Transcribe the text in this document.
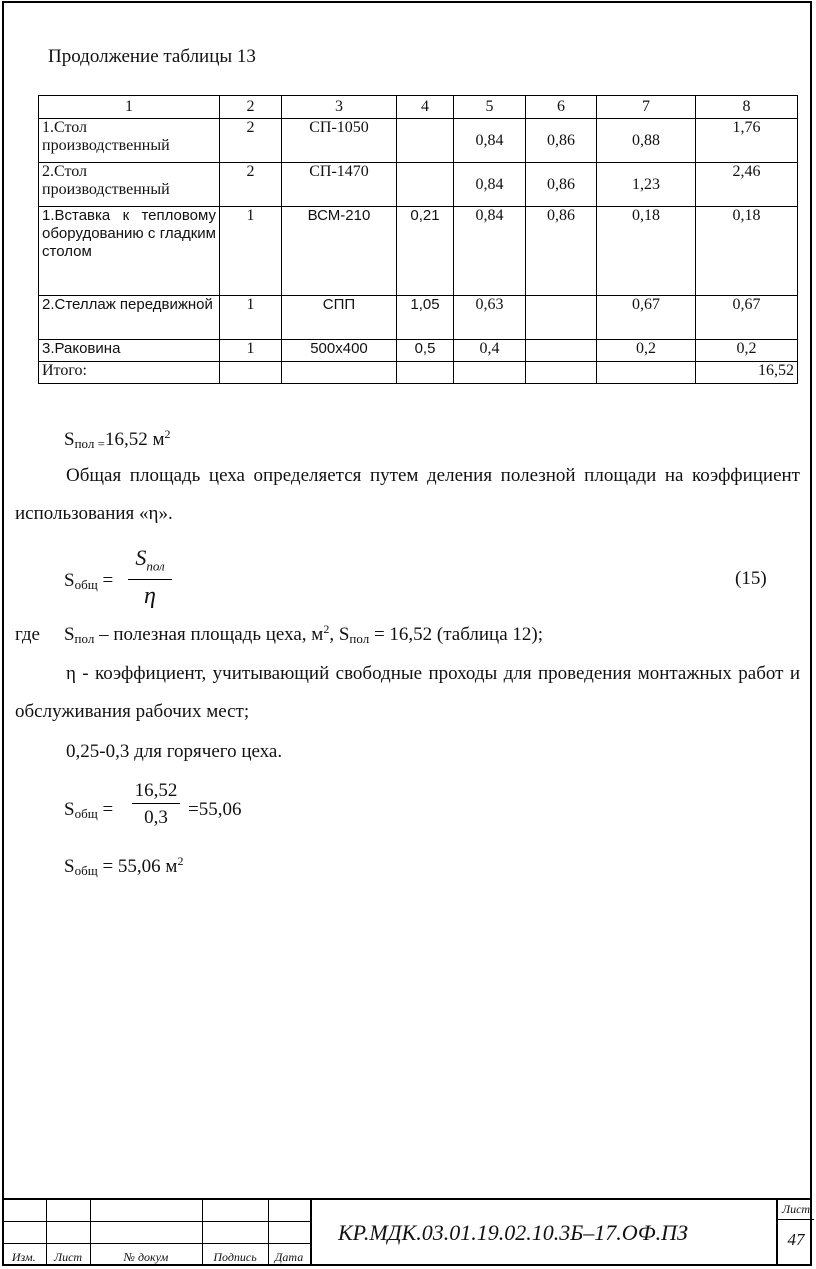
Продолжение таблицы 13
1	2	3	4	5	6	7	8
1.Стол производственный	2	СП-1050		0,84	0,86	0,88	1,76
2.Стол производственный	2	СП-1470		0,84	0,86	1,23	2,46
1.Вставка к тепловому оборудованию с гладким столом	1	ВСМ-210	0,21	0,84	0,86	0,18	0,18
2.Стеллаж передвижной	1	СПП	1,05	0,63		0,67	0,67
3.Раковина	1	500х400	0,5	0,4		0,2	0,2
Итого:							16,52
$S_{пол =}16,52$ $м^2$
Общая площадь цеха определяется путем деления полезной площади на коэффициент использования «η».
$S_{общ}$ =
$S_{пол}$
η
(15)
где $S_{пол}$ – полезная площадь цеха, $м^2$, $S_{пол} = 16,52$ (таблица 12);
η - коэффициент, учитывающий свободные проходы для проведения монтажных работ и обслуживания рабочих мест;
0,25-0,3 для горячего цеха.
$S_{общ}$ =
16,52
0,3	=55,06
$S_{общ} = 55,06$ $м^2$

Изм.	Лист	№ докум	Подпись	Дата
КР.МДК.03.01.19.02.10.3Б–17.ОФ.ПЗ
Лист
47
